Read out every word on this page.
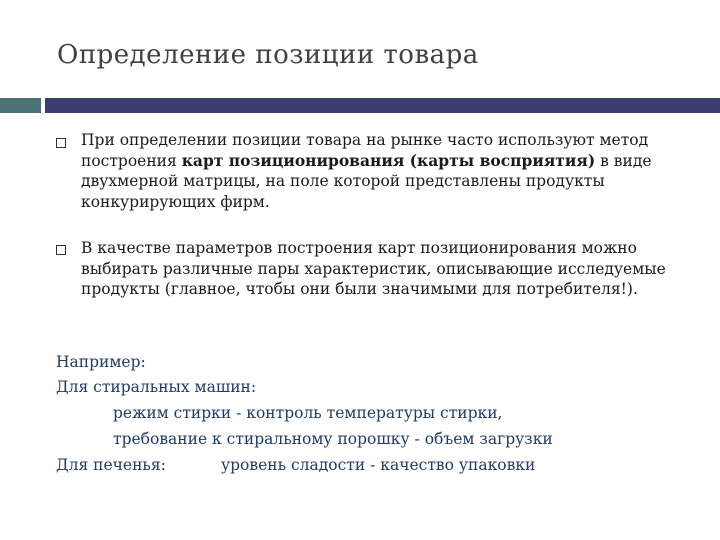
Определение позиции товара
При определении позиции товара на рынке часто используют метод построения карт позиционирования (карты восприятия) в виде двухмерной матрицы, на поле которой представлены продукты конкурирующих фирм.
В качестве параметров построения карт позиционирования можно выбирать различные пары характеристик, описывающие исследуемые продукты (главное, чтобы они были значимыми для потребителя!).
Например:
Для стиральных машин:
режим стирки - контроль температуры стирки,
требование к стиральному порошку - объем загрузки
Для печенья:	уровень сладости - качество упаковки
